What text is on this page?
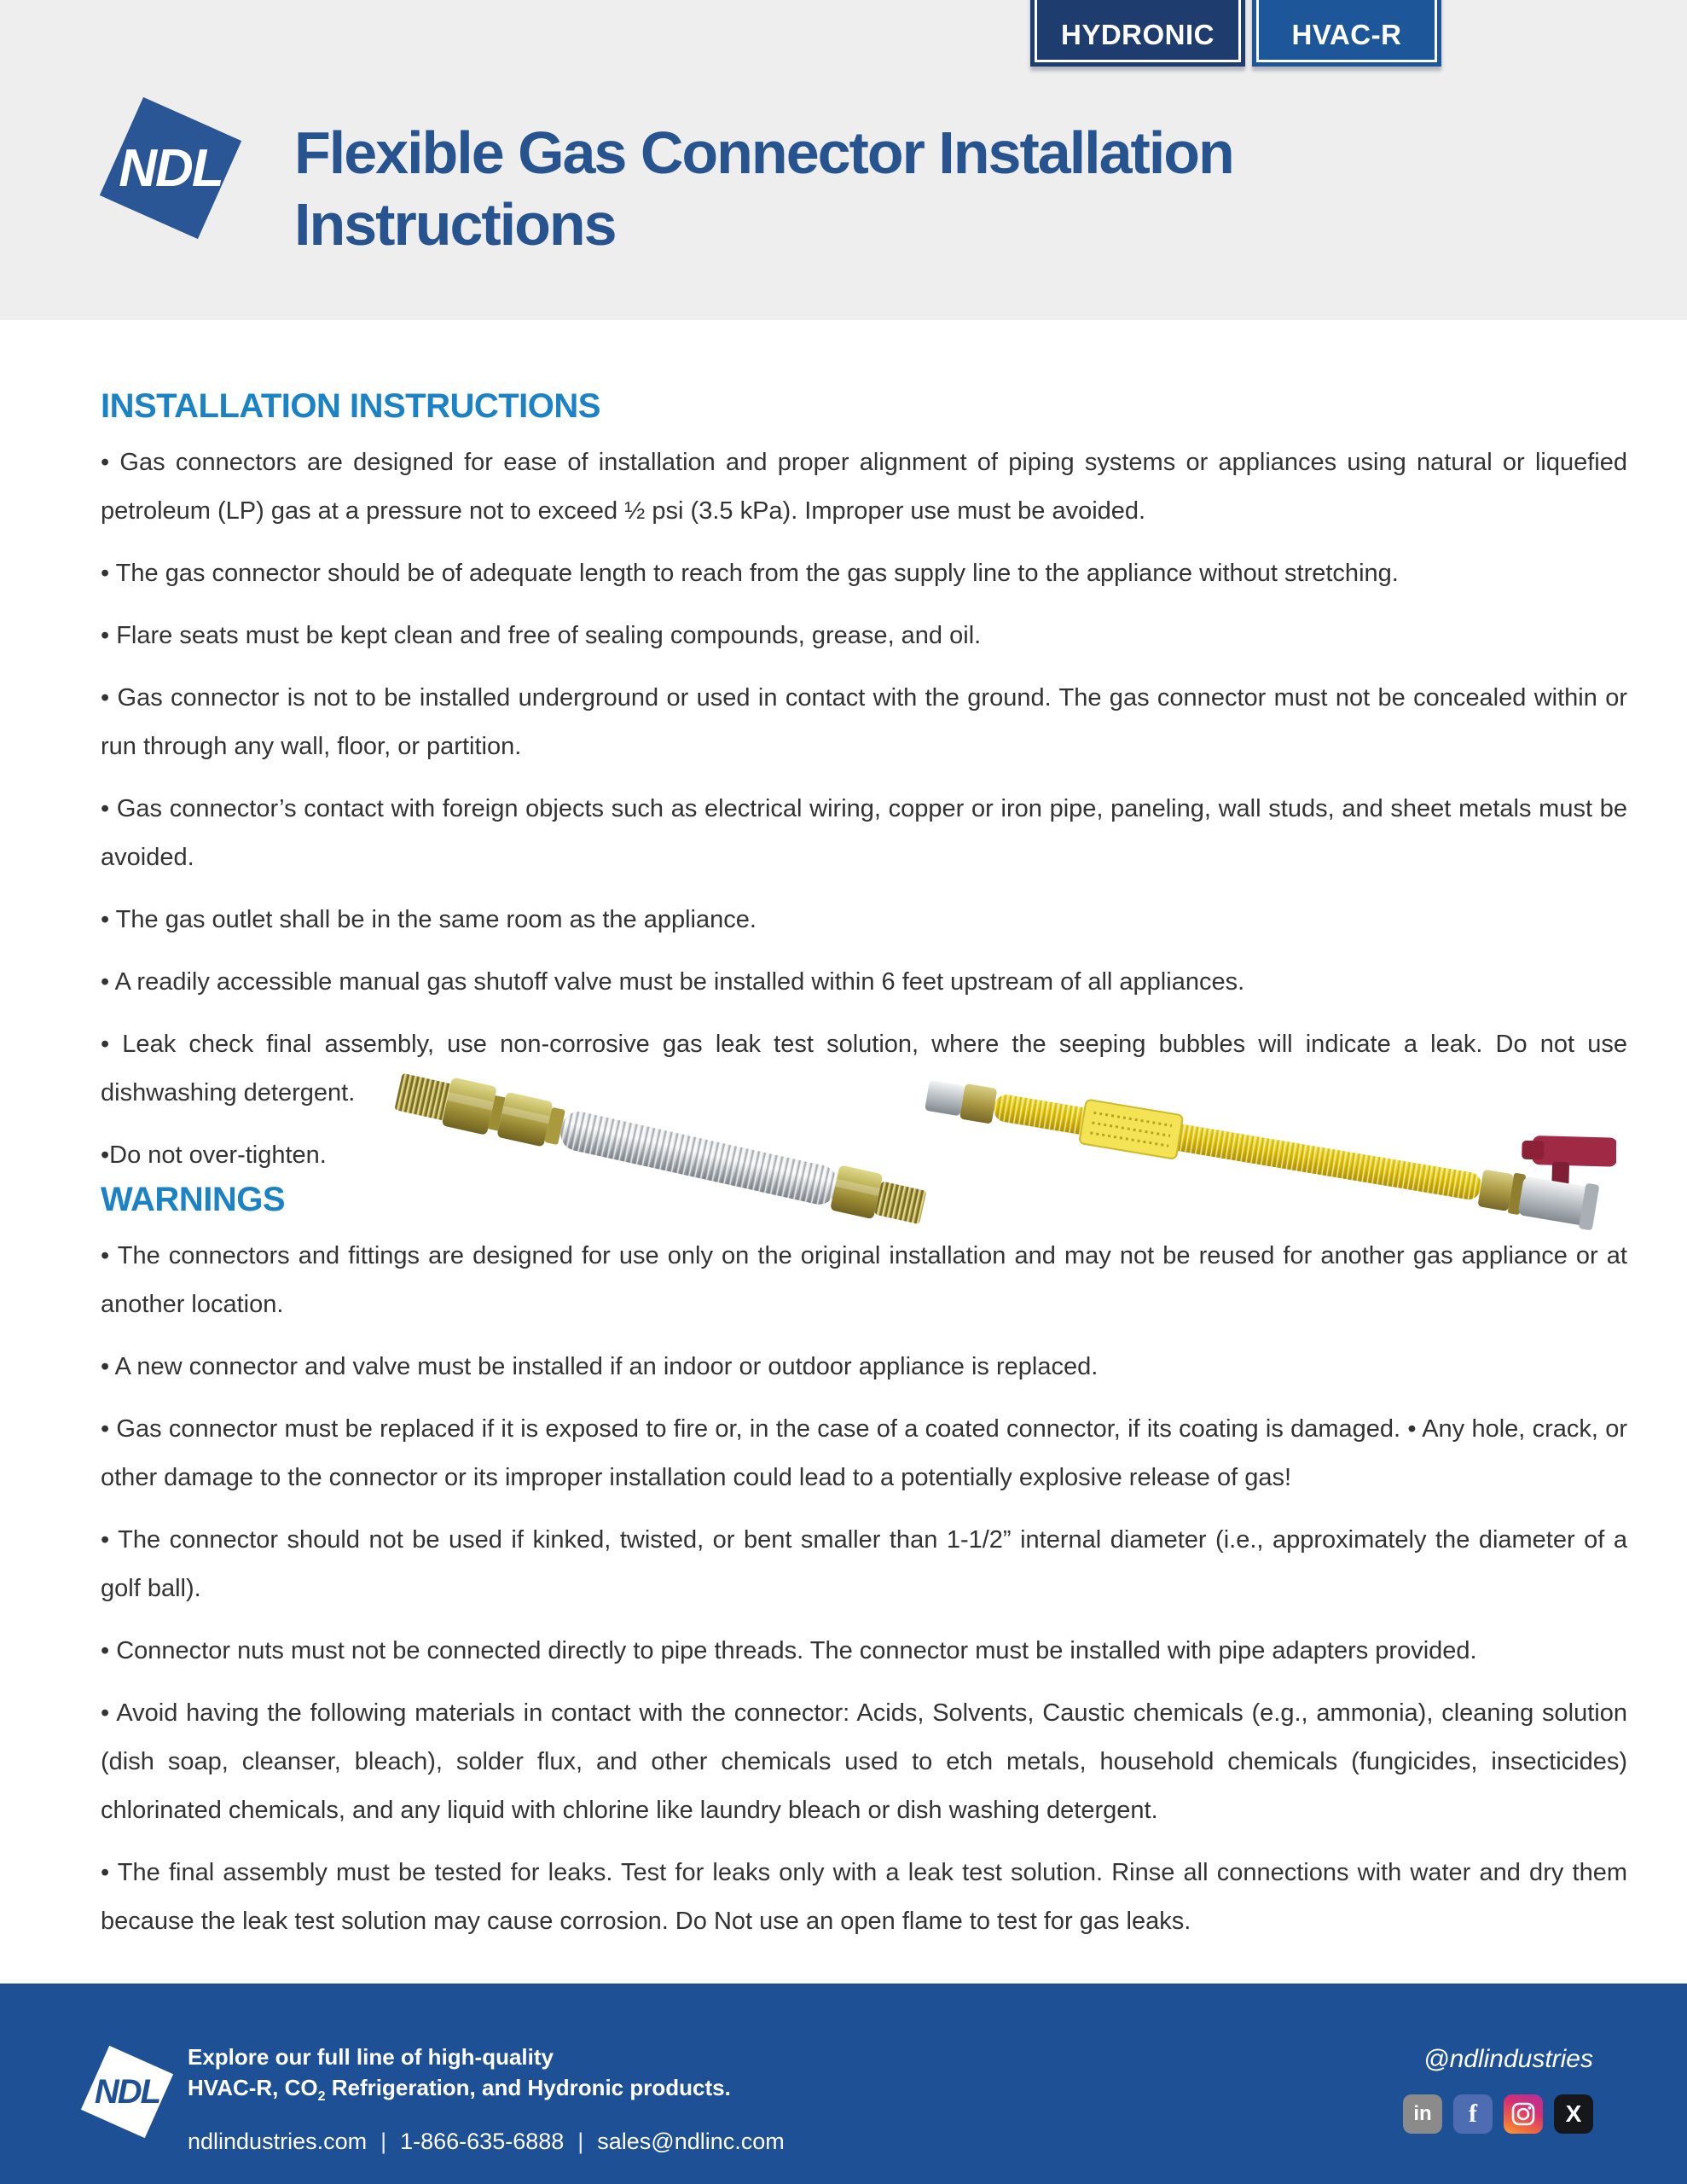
HYDRONIC	HVAC-R
NDL Flexible Gas Connector Installation Instructions
INSTALLATION INSTRUCTIONS

• Gas connectors are designed for ease of installation and proper alignment of piping systems or appliances using natural or liquefied petroleum (LP) gas at a pressure not to exceed ½ psi (3.5 kPa). Improper use must be avoided.

• The gas connector should be of adequate length to reach from the gas supply line to the appliance without stretching.

• Flare seats must be kept clean and free of sealing compounds, grease, and oil.

• Gas connector is not to be installed underground or used in contact with the ground. The gas connector must not be concealed within or run through any wall, floor, or partition.

• Gas connector’s contact with foreign objects such as electrical wiring, copper or iron pipe, paneling, wall studs, and sheet metals must be avoided.

• The gas outlet shall be in the same room as the appliance.

• A readily accessible manual gas shutoff valve must be installed within 6 feet upstream of all appliances.

• Leak check final assembly, use non-corrosive gas leak test solution, where the seeping bubbles will indicate a leak. Do not use dishwashing detergent.

•Do not over-tighten.

WARNINGS

• The connectors and fittings are designed for use only on the original installation and may not be reused for another gas appliance or at another location.

• A new connector and valve must be installed if an indoor or outdoor appliance is replaced.

• Gas connector must be replaced if it is exposed to fire or, in the case of a coated connector, if its coating is damaged. • Any hole, crack, or other damage to the connector or its improper installation could lead to a potentially explosive release of gas!

• The connector should not be used if kinked, twisted, or bent smaller than 1-1/2” internal diameter (i.e., approximately the diameter of a golf ball).

• Connector nuts must not be connected directly to pipe threads. The connector must be installed with pipe adapters provided.

• Avoid having the following materials in contact with the connector: Acids, Solvents, Caustic chemicals (e.g., ammonia), cleaning solution (dish soap, cleanser, bleach), solder flux, and other chemicals used to etch metals, household chemicals (fungicides, insecticides) chlorinated chemicals, and any liquid with chlorine like laundry bleach or dish washing detergent.

• The final assembly must be tested for leaks. Test for leaks only with a leak test solution. Rinse all connections with water and dry them because the leak test solution may cause corrosion. Do Not use an open flame to test for gas leaks.

NDL
Explore our full line of high-quality
HVAC-R, $CO_2$ Refrigeration, and Hydronic products.
ndlindustries.com | 1-866-635-6888 | sales@ndlinc.com
@ndlindustries
in	f	X
